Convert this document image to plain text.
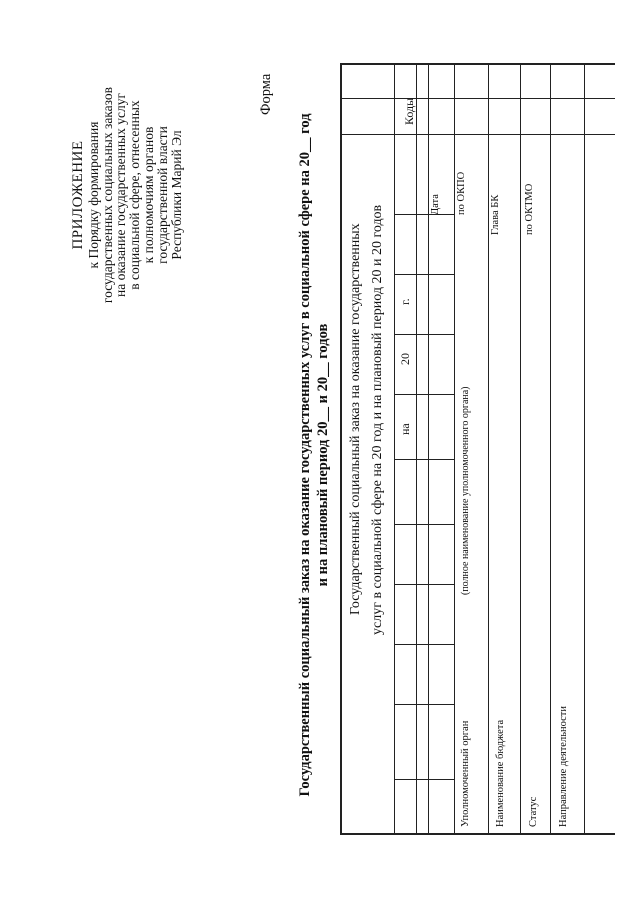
ПРИЛОЖЕНИЕ к Порядку формирования
государственных социальных заказов
на оказание государственных услуг
в социальной сфере, отнесенных
к полномочиям органов
государственной власти
Республики Марий Эл
Форма
Государственный социальный заказ на оказание государственных услуг в социальной сфере на 20__ год и на плановый период 20__ и 20__ годов Государственный социальный заказ на оказание государственных услуг в социальной сфере на 20 год и на плановый период 20 и 20 годов на
20
г.
Коды
Дата по ОКПО Глава БК по ОКТМО
Уполномоченный орган
(полное наименование уполномоченного органа)
Наименование бюджета Статус Направление деятельности
